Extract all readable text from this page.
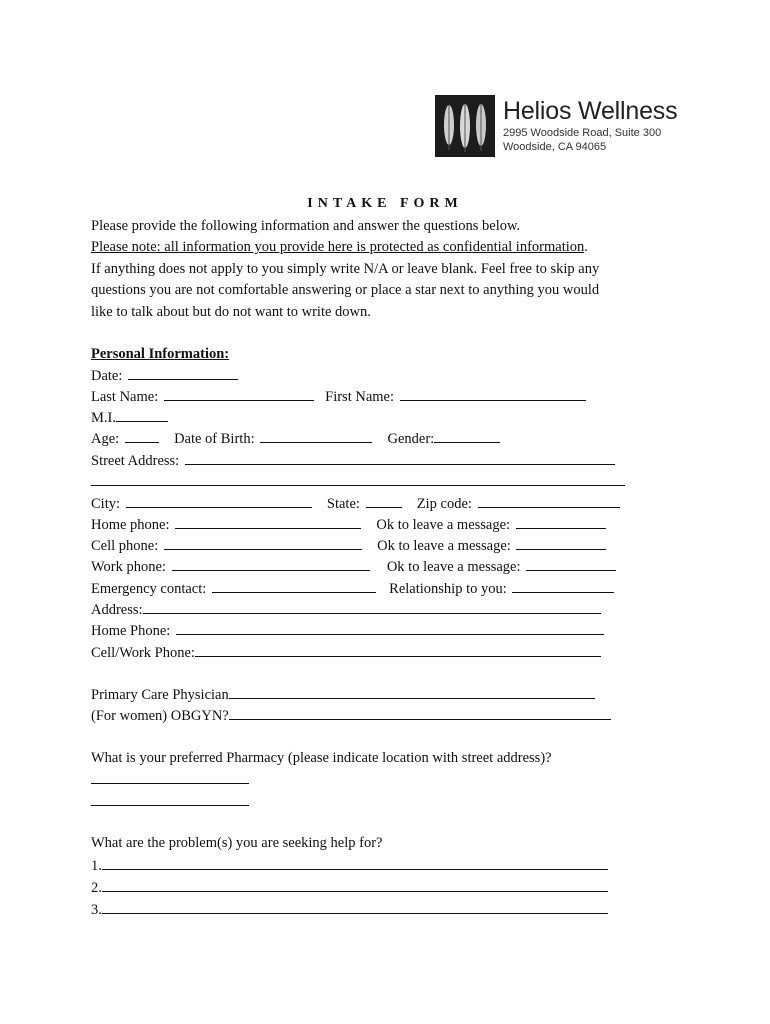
Helios Wellness
2995 Woodside Road, Suite 300
Woodside, CA 94065
INTAKE FORM

Please provide the following information and answer the questions below.

Please note: all information you provide here is protected as confidential information.

If anything does not apply to you simply write N/A or leave blank. Feel free to skip any

questions you are not comfortable answering or place a star next to anything you would

like to talk about but do not want to write down.

Personal Information:
Date:
Last Name:	First Name:
M.I.
Age:	Date of Birth:	Gender:
Street Address:
City:	State:	Zip code:
Home phone:	Ok to leave a message:
Cell phone:	Ok to leave a message:
Work phone:	Ok to leave a message:
Emergency contact:	Relationship to you:
Address:
Home Phone:
Cell/Work Phone:
Primary Care Physician
(For women) OBGYN?
What is your preferred Pharmacy (please indicate location with street address)?
What are the problem(s) you are seeking help for?
1.
2.
3.
